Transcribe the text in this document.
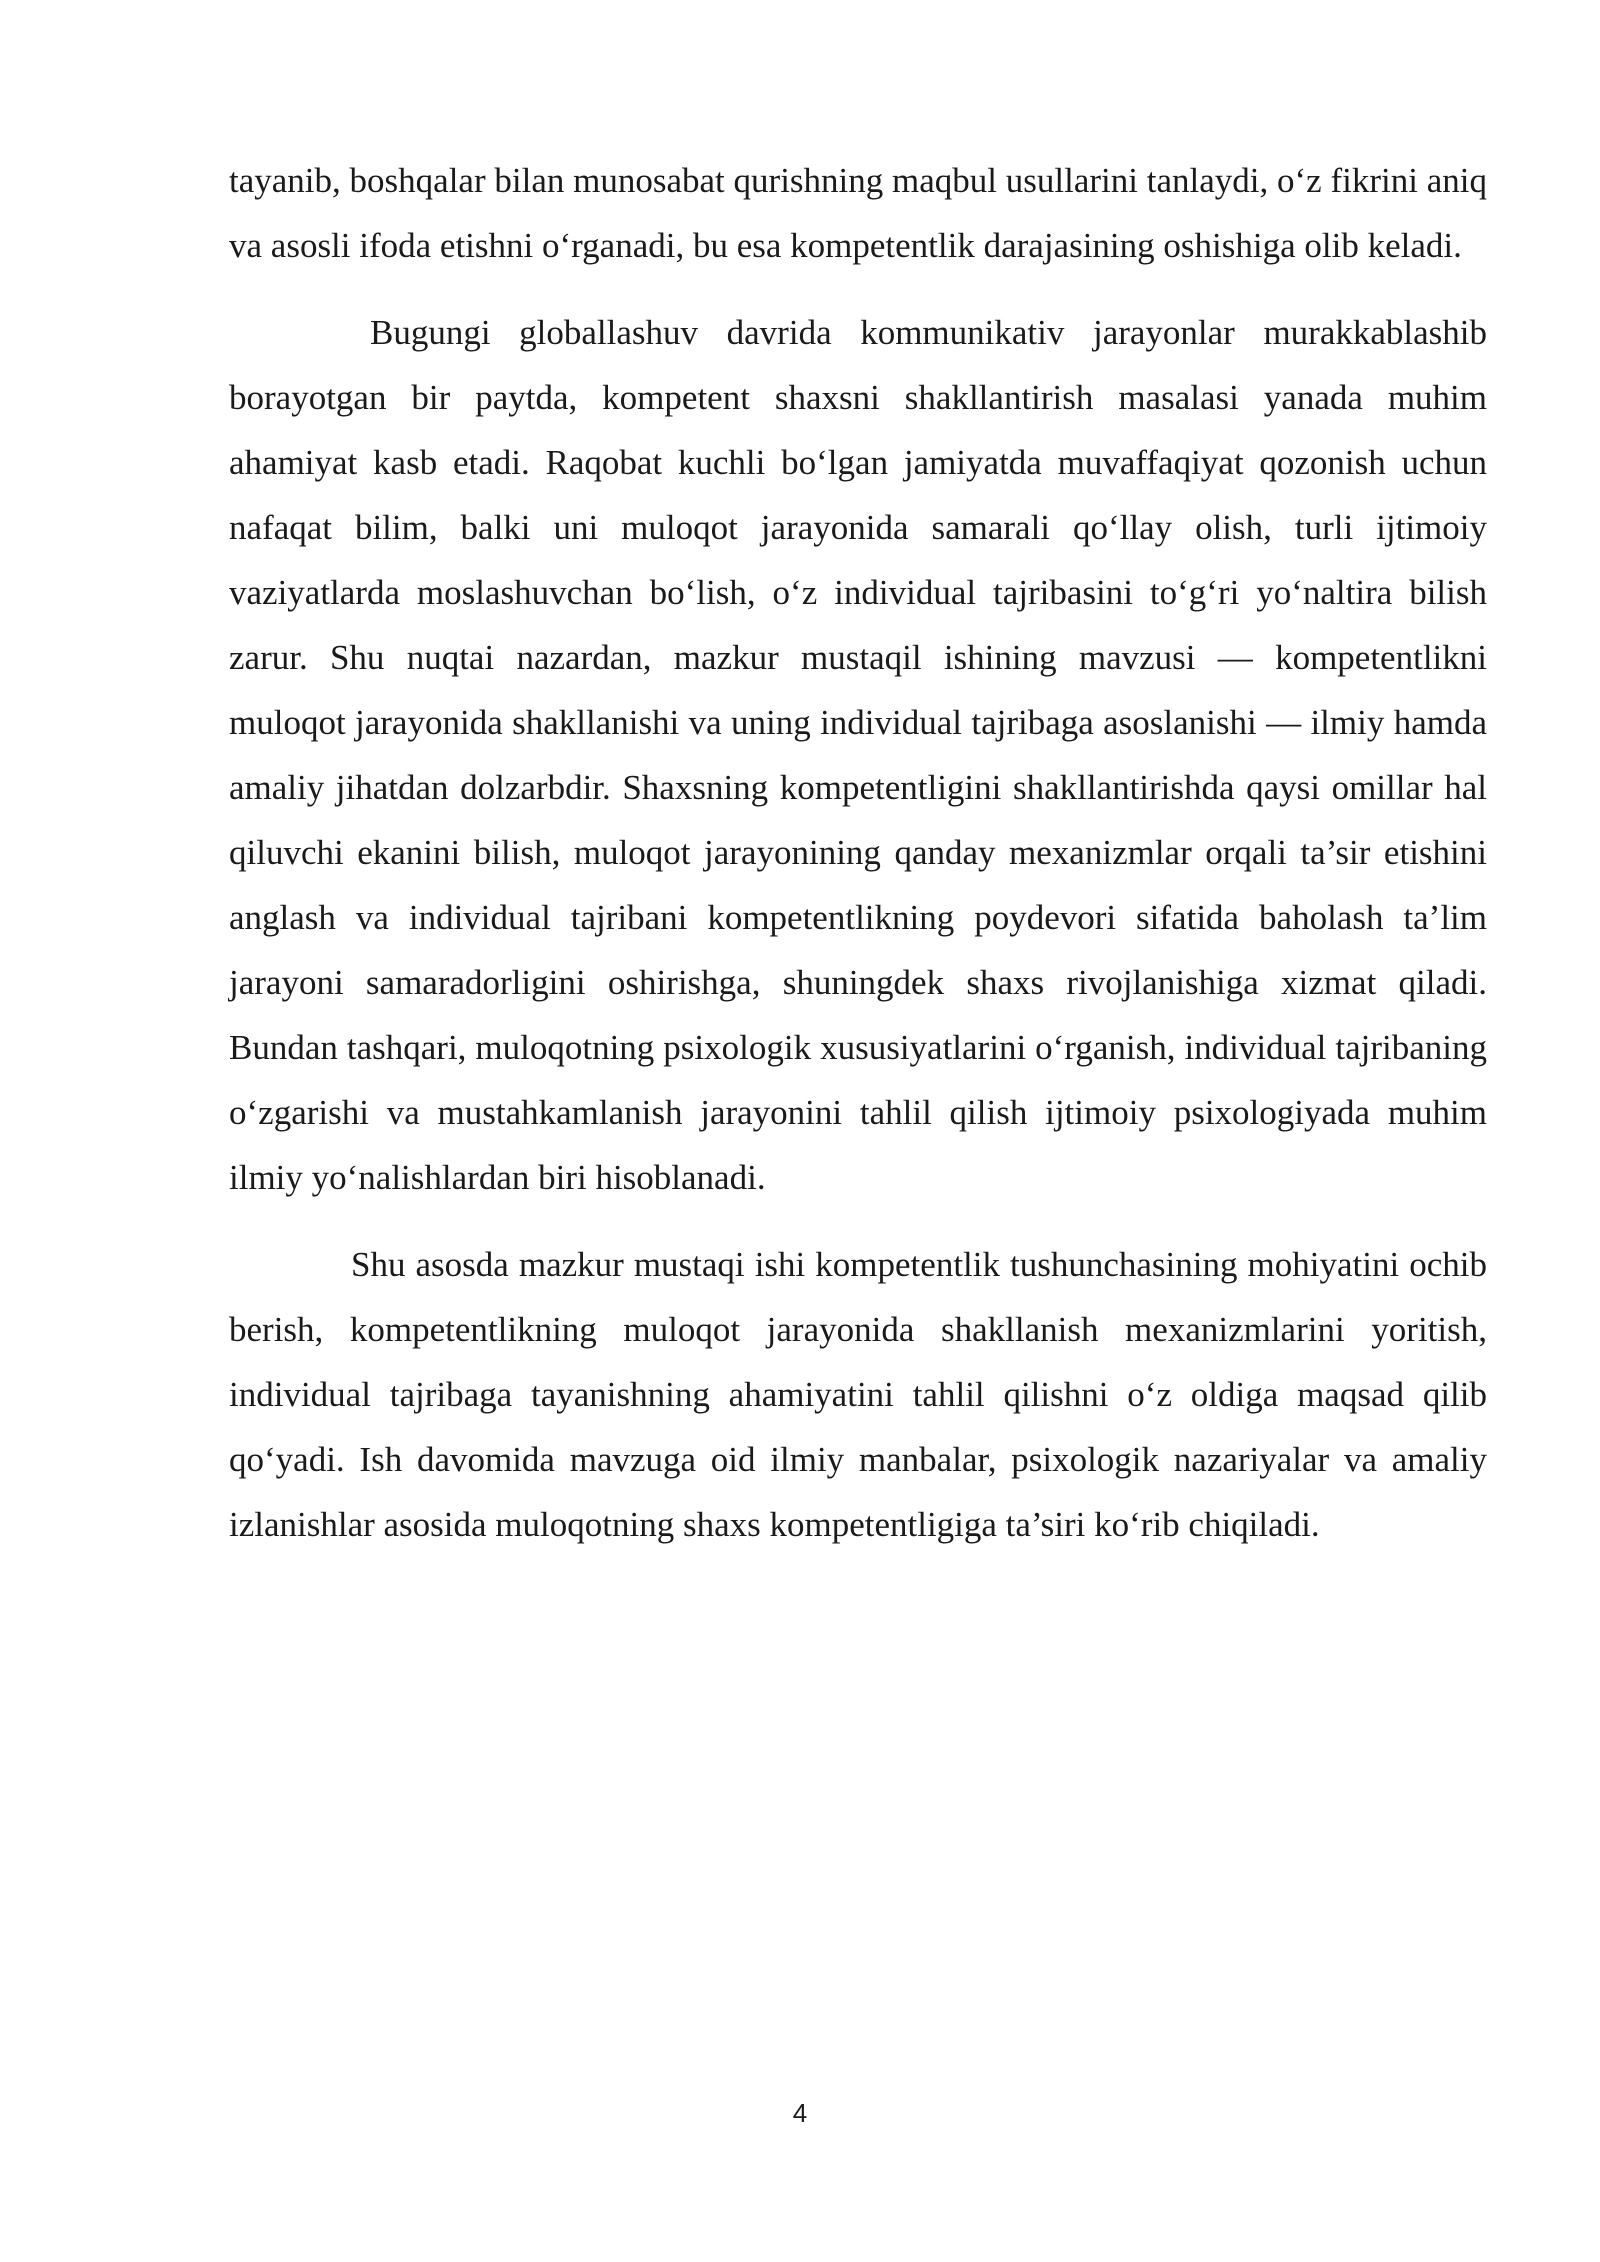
tayanib, boshqalar bilan munosabat qurishning maqbul usullarini tanlaydi, o‘z fikrini aniq va asosli ifoda etishni o‘rganadi, bu esa kompetentlik darajasining oshishiga olib keladi.

Bugungi globallashuv davrida kommunikativ jarayonlar murakkablashib borayotgan bir paytda, kompetent shaxsni shakllantirish masalasi yanada muhim ahamiyat kasb etadi. Raqobat kuchli bo‘lgan jamiyatda muvaffaqiyat qozonish uchun nafaqat bilim, balki uni muloqot jarayonida samarali qo‘llay olish, turli ijtimoiy vaziyatlarda moslashuvchan bo‘lish, o‘z individual tajribasini to‘g‘ri yo‘naltira bilish zarur. Shu nuqtai nazardan, mazkur mustaqil ishining mavzusi — kompetentlikni muloqot jarayonida shakllanishi va uning individual tajribaga asoslanishi — ilmiy hamda amaliy jihatdan dolzarbdir. Shaxsning kompetentligini shakllantirishda qaysi omillar hal qiluvchi ekanini bilish, muloqot jarayonining qanday mexanizmlar orqali ta’sir etishini anglash va individual tajribani kompetentlikning poydevori sifatida baholash ta’lim jarayoni samaradorligini oshirishga, shuningdek shaxs rivojlanishiga xizmat qiladi. Bundan tashqari, muloqotning psixologik xususiyatlarini o‘rganish, individual tajribaning o‘zgarishi va mustahkamlanish jarayonini tahlil qilish ijtimoiy psixologiyada muhim ilmiy yo‘nalishlardan biri hisoblanadi.

Shu asosda mazkur mustaqi ishi kompetentlik tushunchasining mohiyatini ochib berish, kompetentlikning muloqot jarayonida shakllanish mexanizmlarini yoritish, individual tajribaga tayanishning ahamiyatini tahlil qilishni o‘z oldiga maqsad qilib qo‘yadi. Ish davomida mavzuga oid ilmiy manbalar, psixologik nazariyalar va amaliy izlanishlar asosida muloqotning shaxs kompetentligiga ta’siri ko‘rib chiqiladi.

4
